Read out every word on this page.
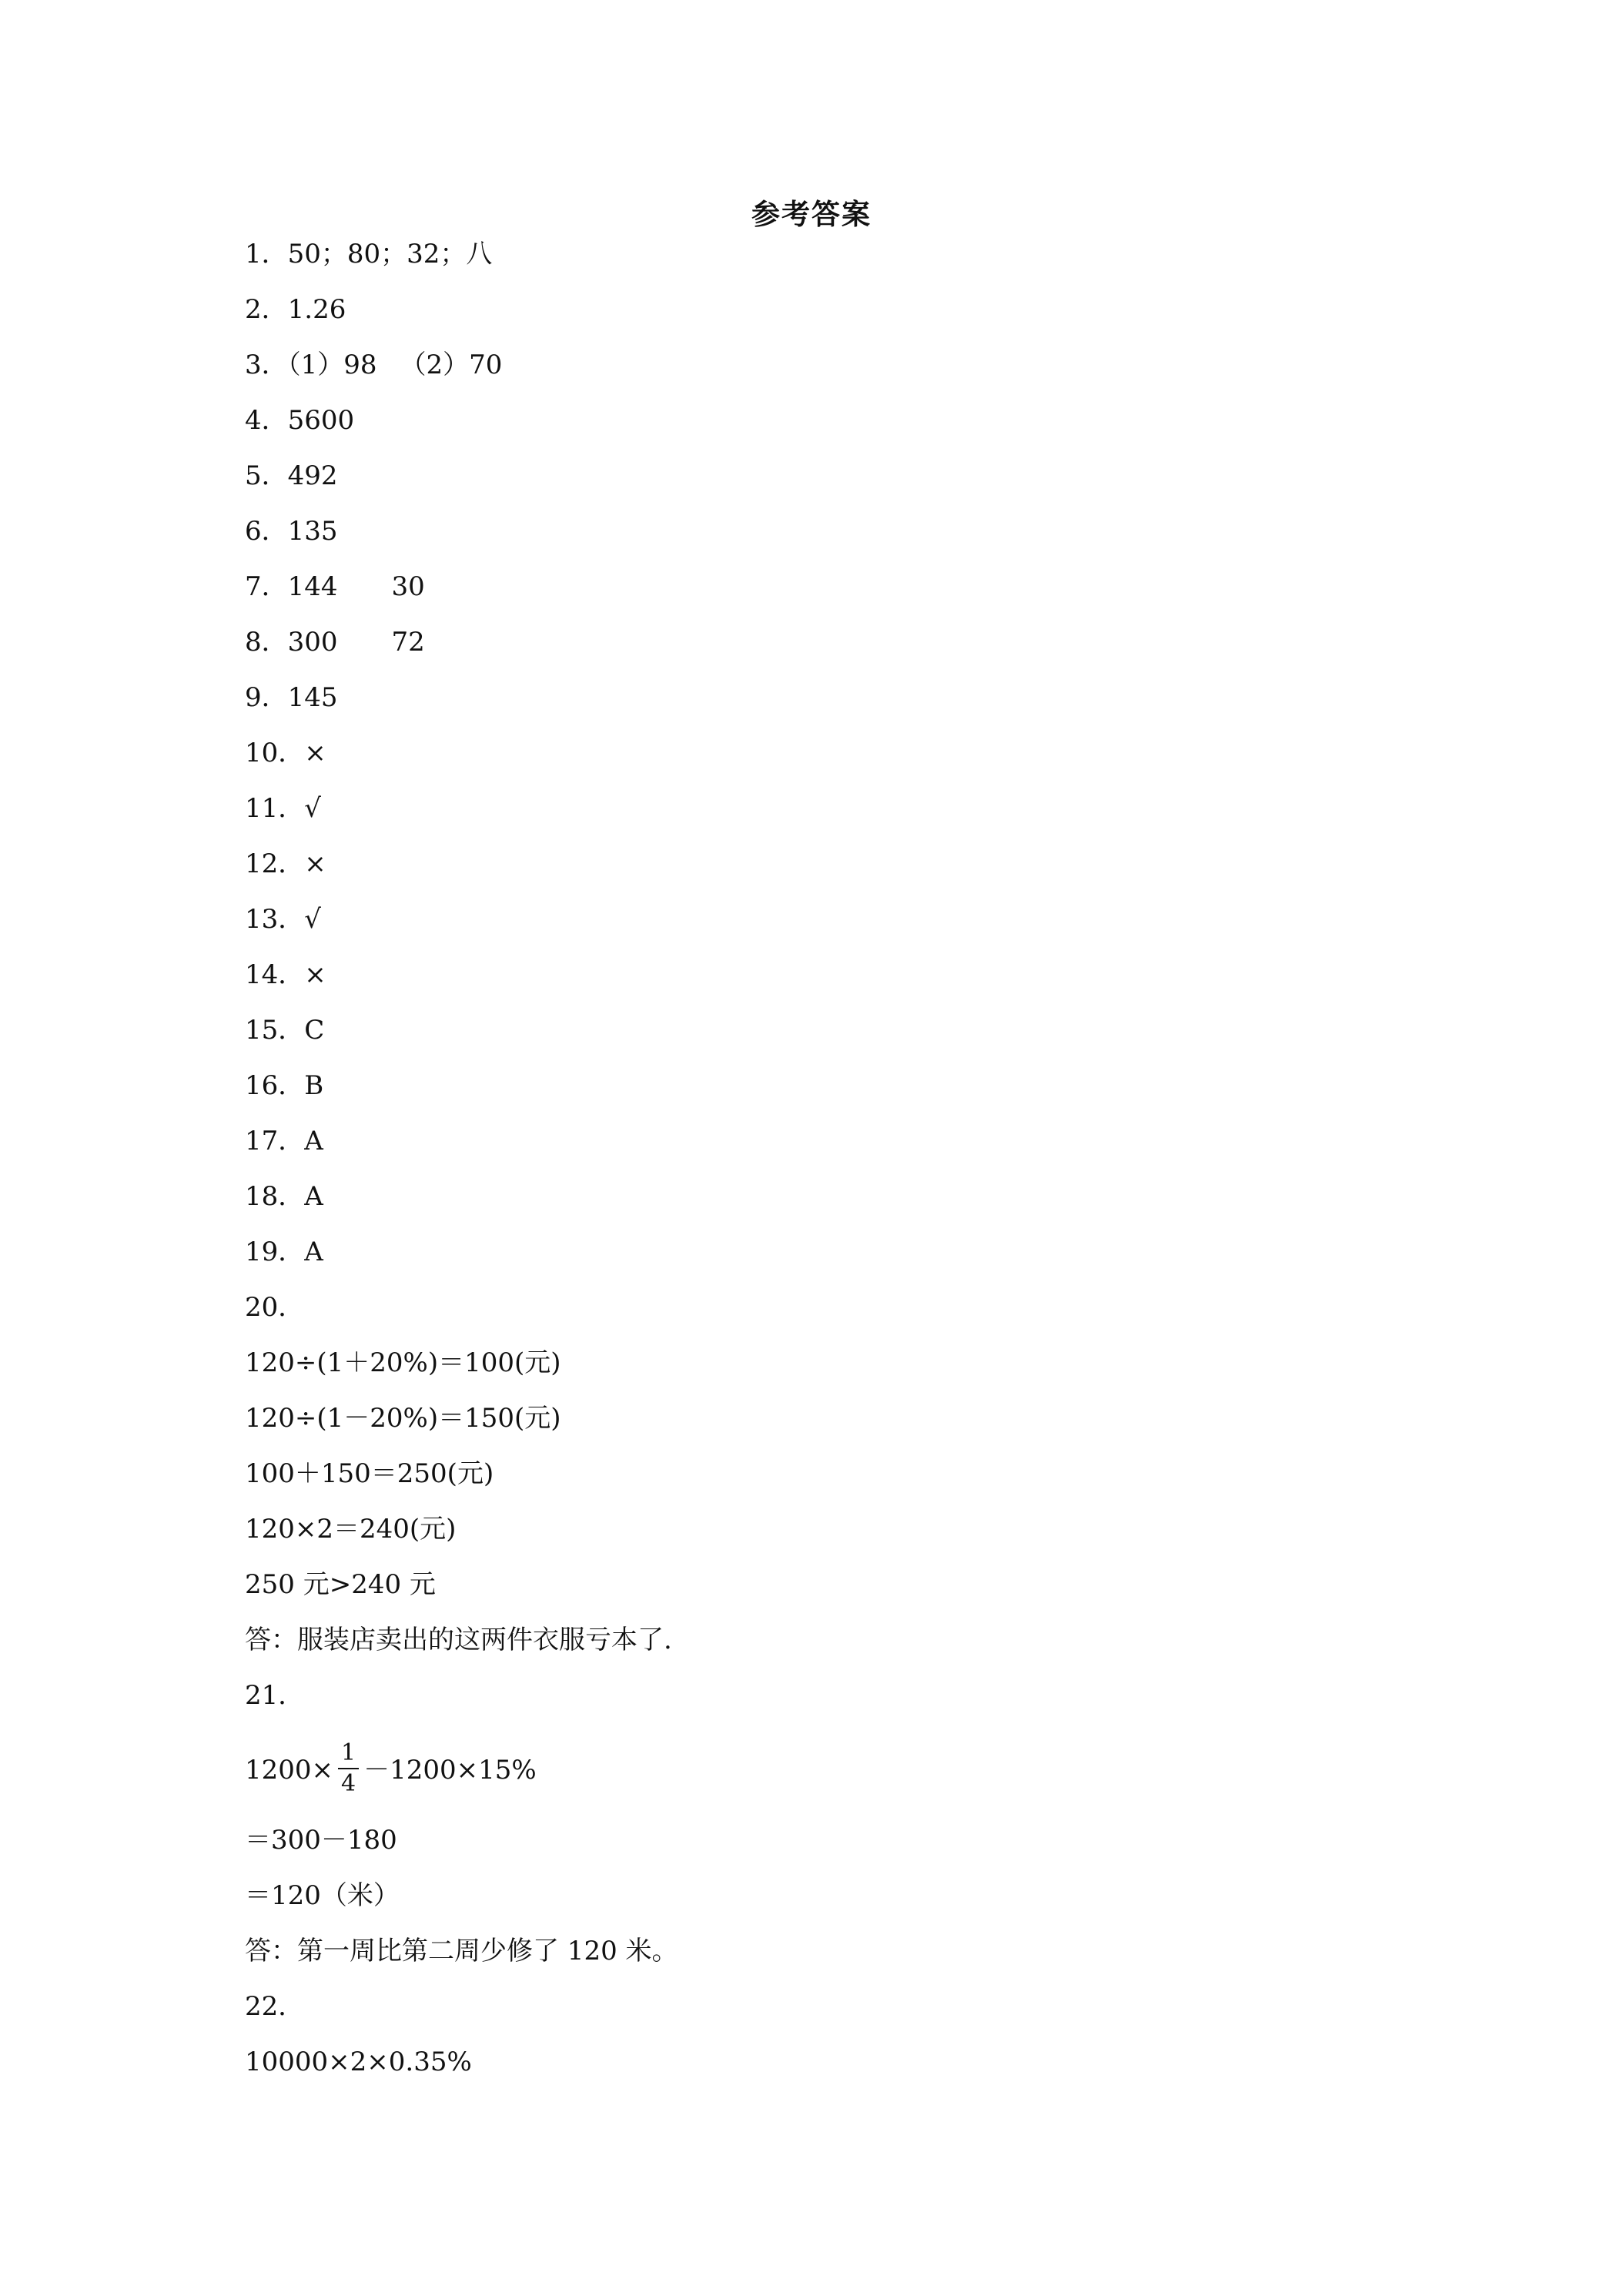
参考答案
1．50；80；32；八
2．1.26
3．（1）98 （2）70
4．5600
5．492
6．135
7．144 30
8．300 72
9．145
10．×
11．√
12．×
13．√
14．×
15．C
16．B
17．A
18．A
19．A
20．
120÷(1＋20%)＝100(元)
120÷(1－20%)＝150(元)
100＋150＝250(元)
120×2＝240(元)
250 元>240 元
答：服装店卖出的这两件衣服亏本了.
21．
$1200\times \frac{1}{4} -1200\times 15\%$
＝300－180
＝120（米）
答：第一周比第二周少修了 120 米。
22．
10000×2×0.35%
